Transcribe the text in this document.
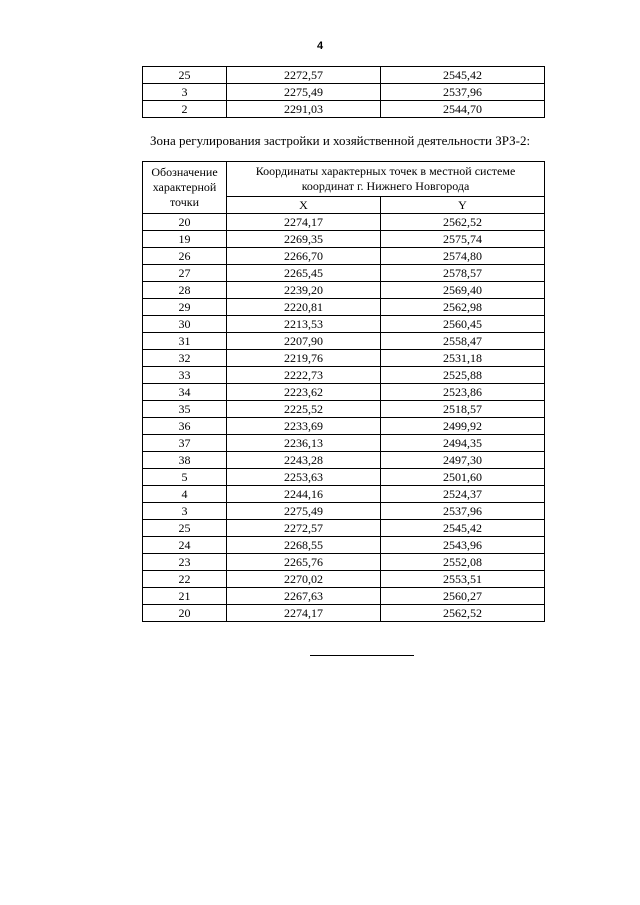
4
25	2272,57	2545,42
3	2275,49	2537,96
2	2291,03	2544,70
Зона регулирования застройки и хозяйственной деятельности ЗРЗ-2:
Обозначение характерной точки	Координаты характерных точек в местной системе координат г. Нижнего Новгорода	
	X	Y
20	2274,17	2562,52
19	2269,35	2575,74
26	2266,70	2574,80
27	2265,45	2578,57
28	2239,20	2569,40
29	2220,81	2562,98
30	2213,53	2560,45
31	2207,90	2558,47
32	2219,76	2531,18
33	2222,73	2525,88
34	2223,62	2523,86
35	2225,52	2518,57
36	2233,69	2499,92
37	2236,13	2494,35
38	2243,28	2497,30
5	2253,63	2501,60
4	2244,16	2524,37
3	2275,49	2537,96
25	2272,57	2545,42
24	2268,55	2543,96
23	2265,76	2552,08
22	2270,02	2553,51
21	2267,63	2560,27
20	2274,17	2562,52
